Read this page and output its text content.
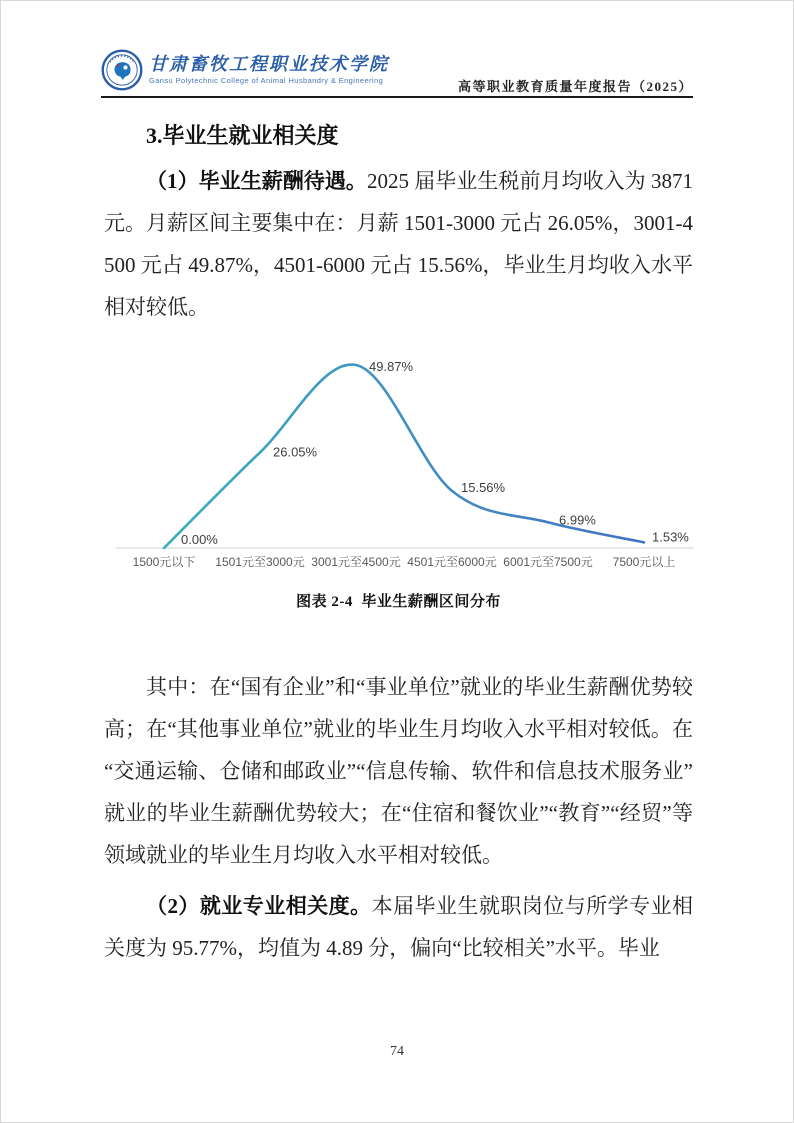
甘肃畜牧工程职业技术学院
Gansu Polytechnic College of Animal Husbandry & Engineering	高等职业教育质量年度报告（2025）
3.毕业生就业相关度

（1）毕业生薪酬待遇。2025 届毕业生税前月均收入为 3871 元。月薪区间主要集中在：月薪 1501-3000 元占 26.05%，3001-4500 元占 49.87%，4501-6000 元占 15.56%，毕业生月均收入水平相对较低。

0.00%
26.05%
49.87%
15.56%
6.99%
1.53%
1500元以下 1501元至3000元 3001元至4500元 4501元至6000元 6001元至7500元 7500元以上
图表 2-4  毕业生薪酬区间分布

其中：在“国有企业”和“事业单位”就业的毕业生薪酬优势较高；在“其他事业单位”就业的毕业生月均收入水平相对较低。在“交通运输、仓储和邮政业”“信息传输、软件和信息技术服务业”就业的毕业生薪酬优势较大；在“住宿和餐饮业”“教育”“经贸”等领域就业的毕业生月均收入水平相对较低。

（2）就业专业相关度。本届毕业生就职岗位与所学专业相关度为 95.77%，均值为 4.89 分，偏向“比较相关”水平。毕业

74
